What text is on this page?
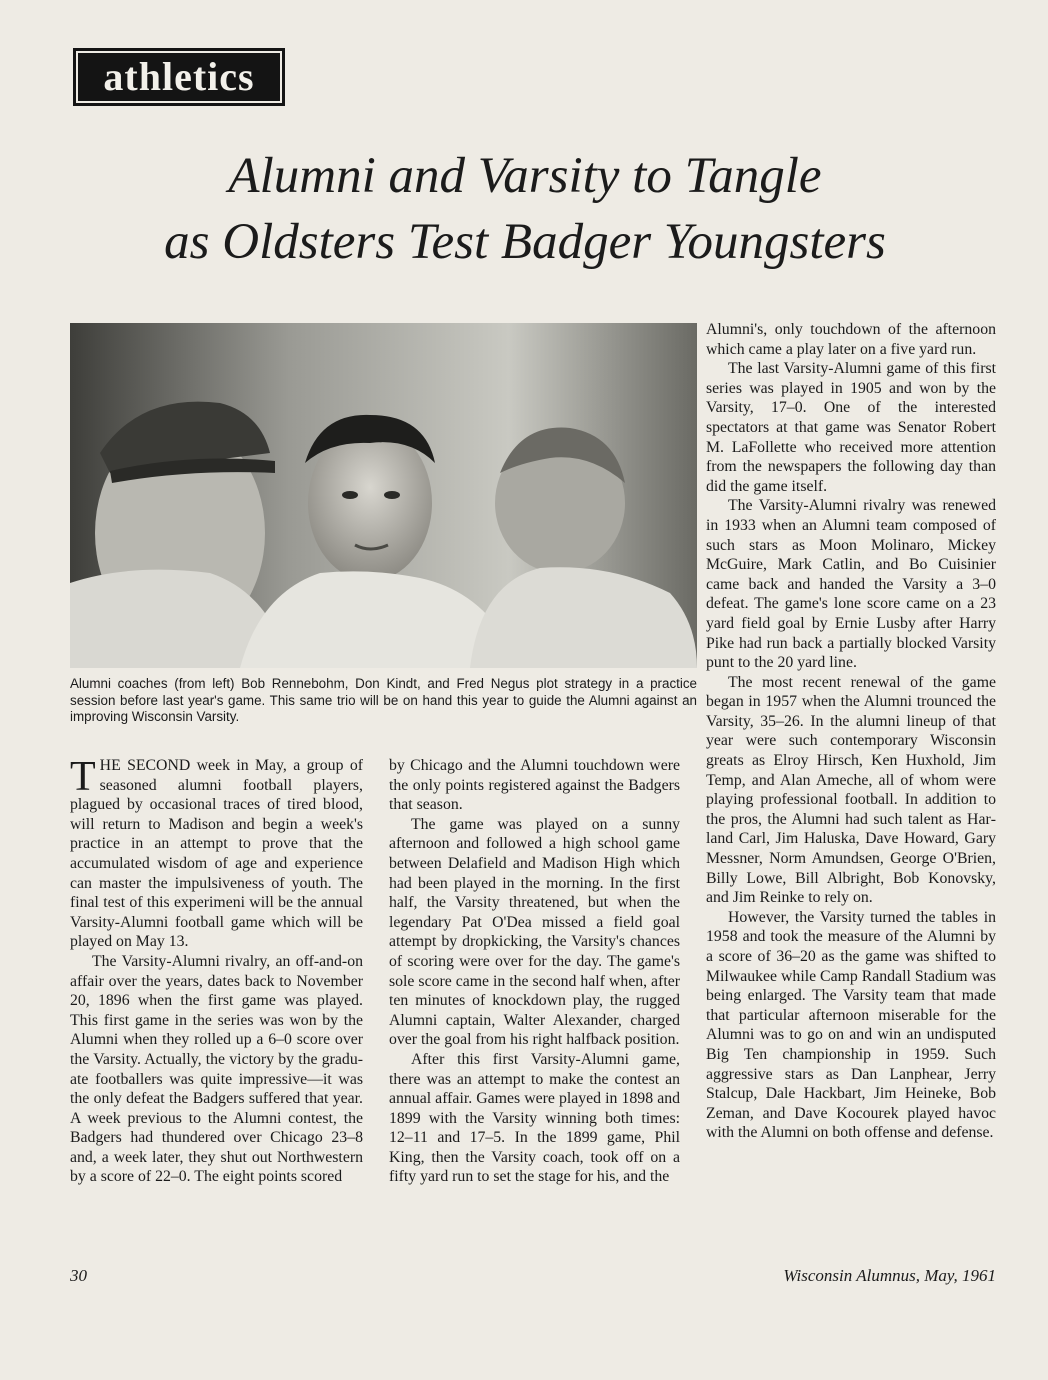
athletics
Alumni and Varsity to Tangle
as Oldsters Test Badger Youngsters

Alumni coaches (from left) Bob Rennebohm, Don Kindt, and Fred Negus plot strategy in a practice session before last year's game. This same trio will be on hand this year to guide the Alumni against an improving Wisconsin Varsity.

THE SECOND week in May, a group of seasoned alumni football players, plagued by occasional traces of tired blood, will return to Madison and begin a week's practice in an attempt to prove that the accumulated wisdom of age and experience can master the impulsiveness of youth. The final test of this experimeni will be the annual Varsity-Alumni football game which will be played on May 13.

The Varsity-Alumni rivalry, an off-and-on affair over the years, dates back to November 20, 1896 when the first game was played. This first game in the series was won by the Alumni when they rolled up a 6–0 score over the Varsity. Actually, the victory by the graduate footballers was quite impressive—it was the only defeat the Badgers suffered that year. A week previous to the Alumni contest, the Badgers had thundered over Chicago 23–8 and, a week later, they shut out Northwestern by a score of 22–0. The eight points scored

by Chicago and the Alumni touchdown were the only points registered against the Badgers that season.

The game was played on a sunny afternoon and followed a high school game between Delafield and Madison High which had been played in the morning. In the first half, the Varsity threatened, but when the legendary Pat O'Dea missed a field goal attempt by dropkicking, the Varsity's chances of scoring were over for the day. The game's sole score came in the second half when, after ten minutes of knockdown play, the rugged Alumni captain, Walter Alexander, charged over the goal from his right halfback position.

After this first Varsity-Alumni game, there was an attempt to make the contest an annual affair. Games were played in 1898 and 1899 with the Varsity winning both times: 12–11 and 17–5. In the 1899 game, Phil King, then the Varsity coach, took off on a fifty yard run to set the stage for his, and the

Alumni's, only touchdown of the afternoon which came a play later on a five yard run.

The last Varsity-Alumni game of this first series was played in 1905 and won by the Varsity, 17–0. One of the interested spectators at that game was Senator Robert M. LaFollette who received more attention from the newspapers the following day than did the game itself.

The Varsity-Alumni rivalry was renewed in 1933 when an Alumni team composed of such stars as Moon Molinaro, Mickey McGuire, Mark Catlin, and Bo Cuisinier came back and handed the Varsity a 3–0 defeat. The game's lone score came on a 23 yard field goal by Ernie Lusby after Harry Pike had run back a partially blocked Varsity punt to the 20 yard line.

The most recent renewal of the game began in 1957 when the Alumni trounced the Varsity, 35–26. In the alumni lineup of that year were such contemporary Wisconsin greats as Elroy Hirsch, Ken Huxhold, Jim Temp, and Alan Ameche, all of whom were playing professional football. In addition to the pros, the Alumni had such talent as Harland Carl, Jim Haluska, Dave Howard, Gary Messner, Norm Amundsen, George O'Brien, Billy Lowe, Bill Albright, Bob Konovsky, and Jim Reinke to rely on.

However, the Varsity turned the tables in 1958 and took the measure of the Alumni by a score of 36–20 as the game was shifted to Milwaukee while Camp Randall Stadium was being enlarged. The Varsity team that made that particular afternoon miserable for the Alumni was to go on and win an undisputed Big Ten championship in 1959. Such aggressive stars as Dan Lanphear, Jerry Stalcup, Dale Hackbart, Jim Heineke, Bob Zeman, and Dave Kocourek played havoc with the Alumni on both offense and defense.

30	Wisconsin Alumnus, May, 1961
